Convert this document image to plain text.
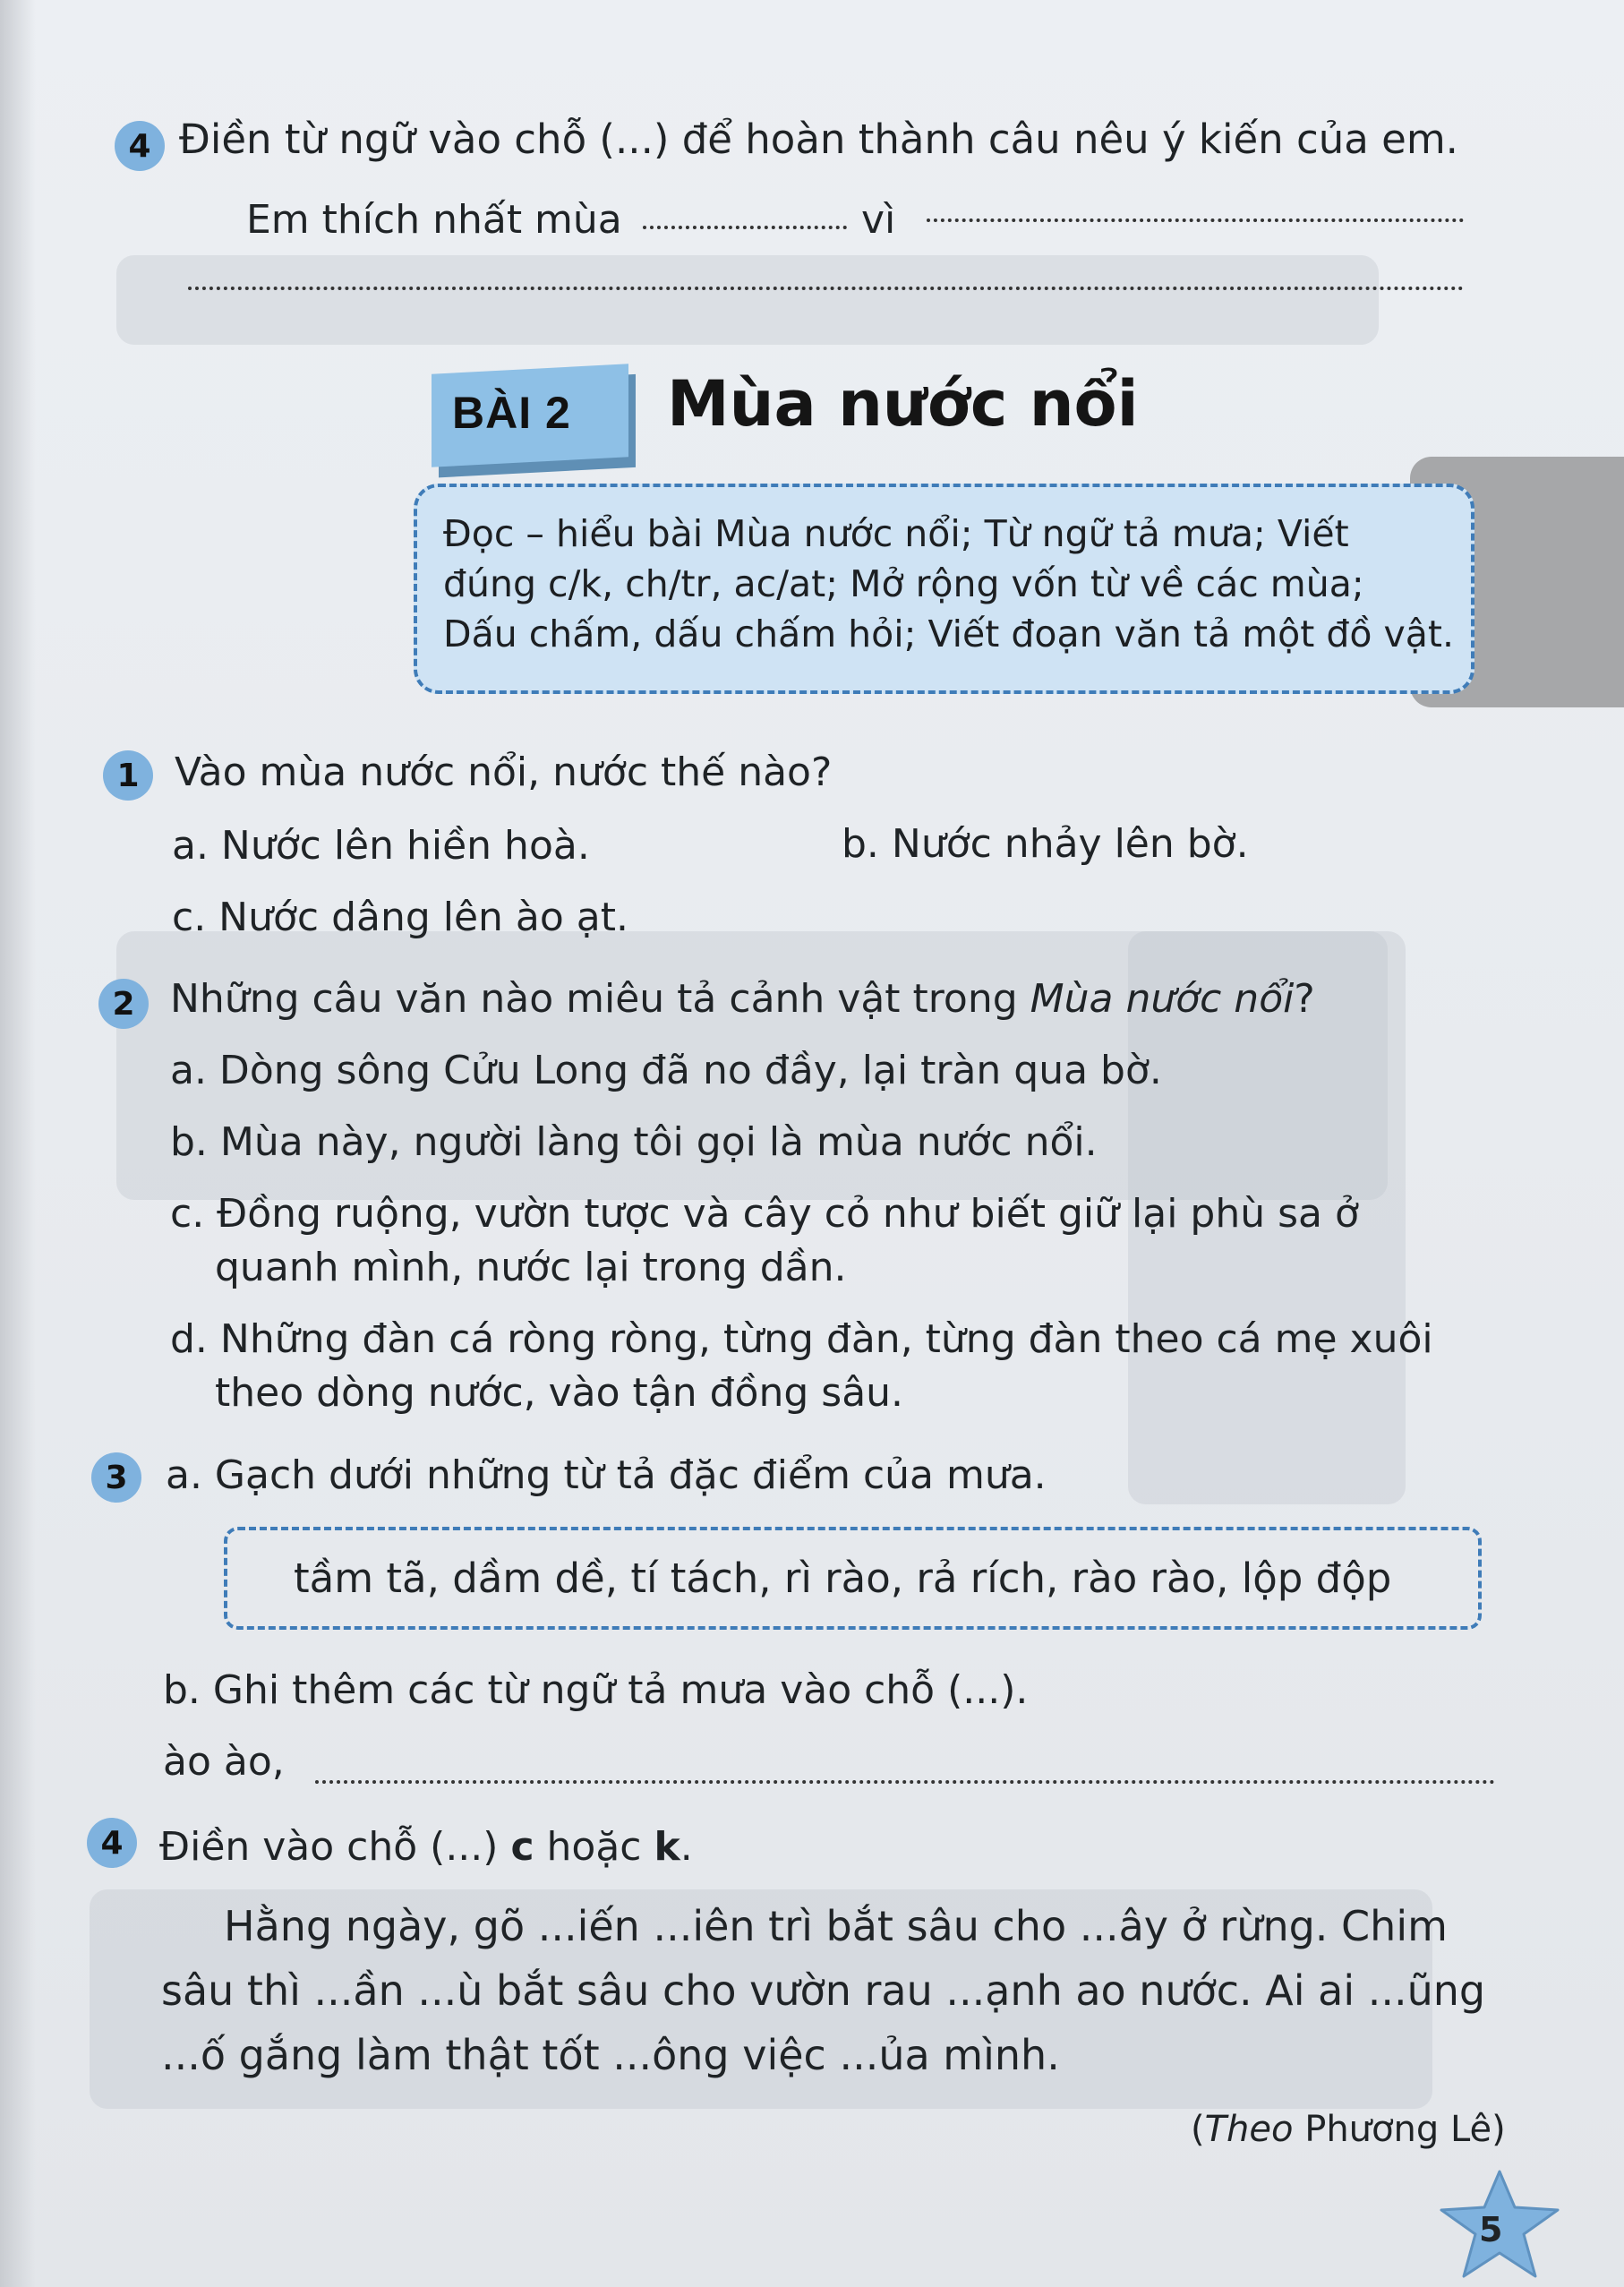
4 Điền từ ngữ vào chỗ (...) để hoàn thành câu nêu ý kiến của em.
Em thích nhất mùa	vì
BÀI 2 Mùa nước nổi
Đọc – hiểu bài Mùa nước nổi; Từ ngữ tả mưa; Viết
đúng c/k, ch/tr, ac/at; Mở rộng vốn từ về các mùa;
Dấu chấm, dấu chấm hỏi; Viết đoạn văn tả một đồ vật.
1 Vào mùa nước nổi, nước thế nào?
a. Nước lên hiền hoà.	b. Nước nhảy lên bờ.
c. Nước dâng lên ào ạt.
2 Những câu văn nào miêu tả cảnh vật trong Mùa nước nổi?
a. Dòng sông Cửu Long đã no đầy, lại tràn qua bờ.
b. Mùa này, người làng tôi gọi là mùa nước nổi.
c. Đồng ruộng, vườn tược và cây cỏ như biết giữ lại phù sa ở
quanh mình, nước lại trong dần.
d. Những đàn cá ròng ròng, từng đàn, từng đàn theo cá mẹ xuôi
theo dòng nước, vào tận đồng sâu.
3 a. Gạch dưới những từ tả đặc điểm của mưa.
tầm tã, dầm dề, tí tách, rì rào, rả rích, rào rào, lộp độp
b. Ghi thêm các từ ngữ tả mưa vào chỗ (...).
ào ào,
4 Điền vào chỗ (...) c hoặc k.
Hằng ngày, gõ ...iến ...iên trì bắt sâu cho ...ây ở rừng. Chim
sâu thì ...ần ...ù bắt sâu cho vườn rau ...ạnh ao nước. Ai ai ...ũng
...ố gắng làm thật tốt ...ông việc ...ủa mình.
(Theo Phương Lê)
5
